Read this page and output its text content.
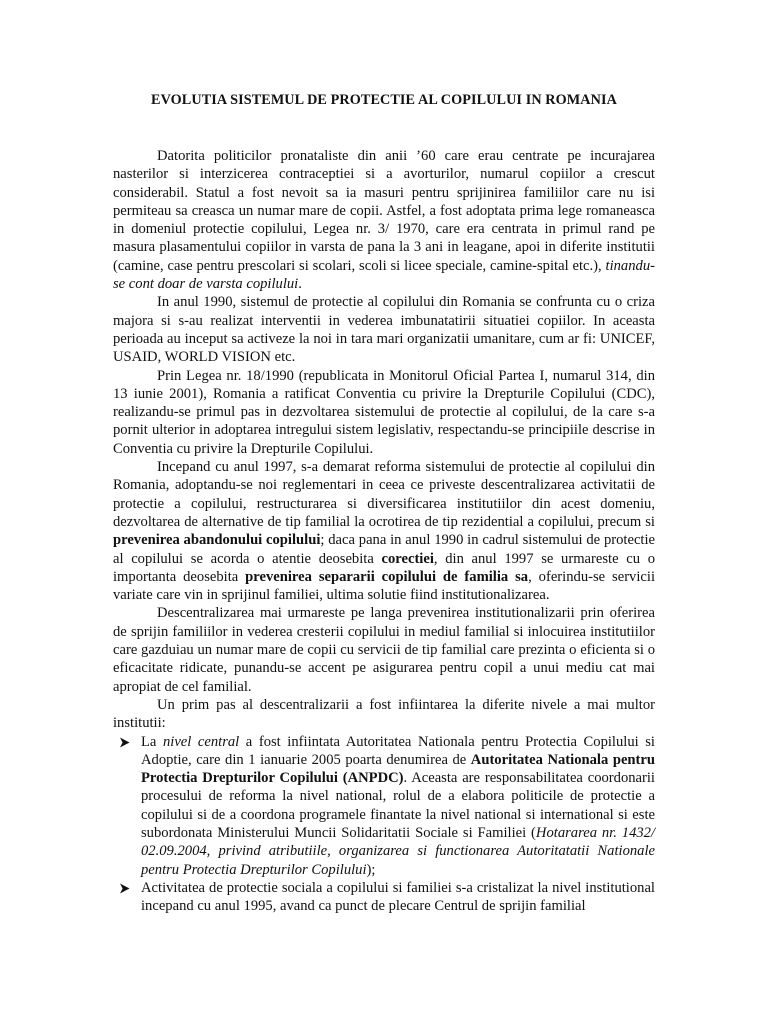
EVOLUTIA SISTEMUL DE PROTECTIE AL COPILULUI IN ROMANIA

Datorita politicilor pronataliste din anii ’60 care erau centrate pe incurajarea nasterilor si interzicerea contraceptiei si a avorturilor, numarul copiilor a crescut considerabil. Statul a fost nevoit sa ia masuri pentru sprijinirea familiilor care nu isi permiteau sa creasca un numar mare de copii. Astfel, a fost adoptata prima lege romaneasca in domeniul protectie copilului, Legea nr. 3/ 1970, care era centrata in primul rand pe masura plasamentului copiilor in varsta de pana la 3 ani in leagane, apoi in diferite institutii (camine, case pentru prescolari si scolari, scoli si licee speciale, camine-spital etc.), tinandu-se cont doar de varsta copilului.

In anul 1990, sistemul de protectie al copilului din Romania se confrunta cu o criza majora si s-au realizat interventii in vederea imbunatatirii situatiei copiilor. In aceasta perioada au inceput sa activeze la noi in tara mari organizatii umanitare, cum ar fi: UNICEF, USAID, WORLD VISION etc.

Prin Legea nr. 18/1990 (republicata in Monitorul Oficial Partea I, numarul 314, din 13 iunie 2001), Romania a ratificat Conventia cu privire la Drepturile Copilului (CDC), realizandu-se primul pas in dezvoltarea sistemului de protectie al copilului, de la care s-a pornit ulterior in adoptarea intregului sistem legislativ, respectandu-se principiile descrise in Conventia cu privire la Drepturile Copilului.

Incepand cu anul 1997, s-a demarat reforma sistemului de protectie al copilului din Romania, adoptandu-se noi reglementari in ceea ce priveste descentralizarea activitatii de protectie a copilului, restructurarea si diversificarea institutiilor din acest domeniu, dezvoltarea de alternative de tip familial la ocrotirea de tip rezidential a copilului, precum si prevenirea abandonului copilului; daca pana in anul 1990 in cadrul sistemului de protectie al copilului se acorda o atentie deosebita corectiei, din anul 1997 se urmareste cu o importanta deosebita prevenirea separarii copilului de familia sa, oferindu-se servicii variate care vin in sprijinul familiei, ultima solutie fiind institutionalizarea.

Descentralizarea mai urmareste pe langa prevenirea institutionalizarii prin oferirea de sprijin familiilor in vederea cresterii copilului in mediul familial si inlocuirea institutiilor care gazduiau un numar mare de copii cu servicii de tip familial care prezinta o eficienta si o eficacitate ridicate, punandu-se accent pe asigurarea pentru copil a unui mediu cat mai apropiat de cel familial.

Un prim pas al descentralizarii a fost infiintarea la diferite nivele a mai multor institutii:

La nivel central a fost infiintata Autoritatea Nationala pentru Protectia Copilului si Adoptie, care din 1 ianuarie 2005 poarta denumirea de Autoritatea Nationala pentru Protectia Drepturilor Copilului (ANPDC). Aceasta are responsabilitatea coordonarii procesului de reforma la nivel national, rolul de a elabora politicile de protectie a copilului si de a coordona programele finantate la nivel national si international si este subordonata Ministerului Muncii Solidaritatii Sociale si Familiei (Hotararea nr. 1432/ 02.09.2004, privind atributiile, organizarea si functionarea Autoritatatii Nationale pentru Protectia Drepturilor Copilului);
Activitatea de protectie sociala a copilului si familiei s-a cristalizat la nivel institutional incepand cu anul 1995, avand ca punct de plecare Centrul de sprijin familial
